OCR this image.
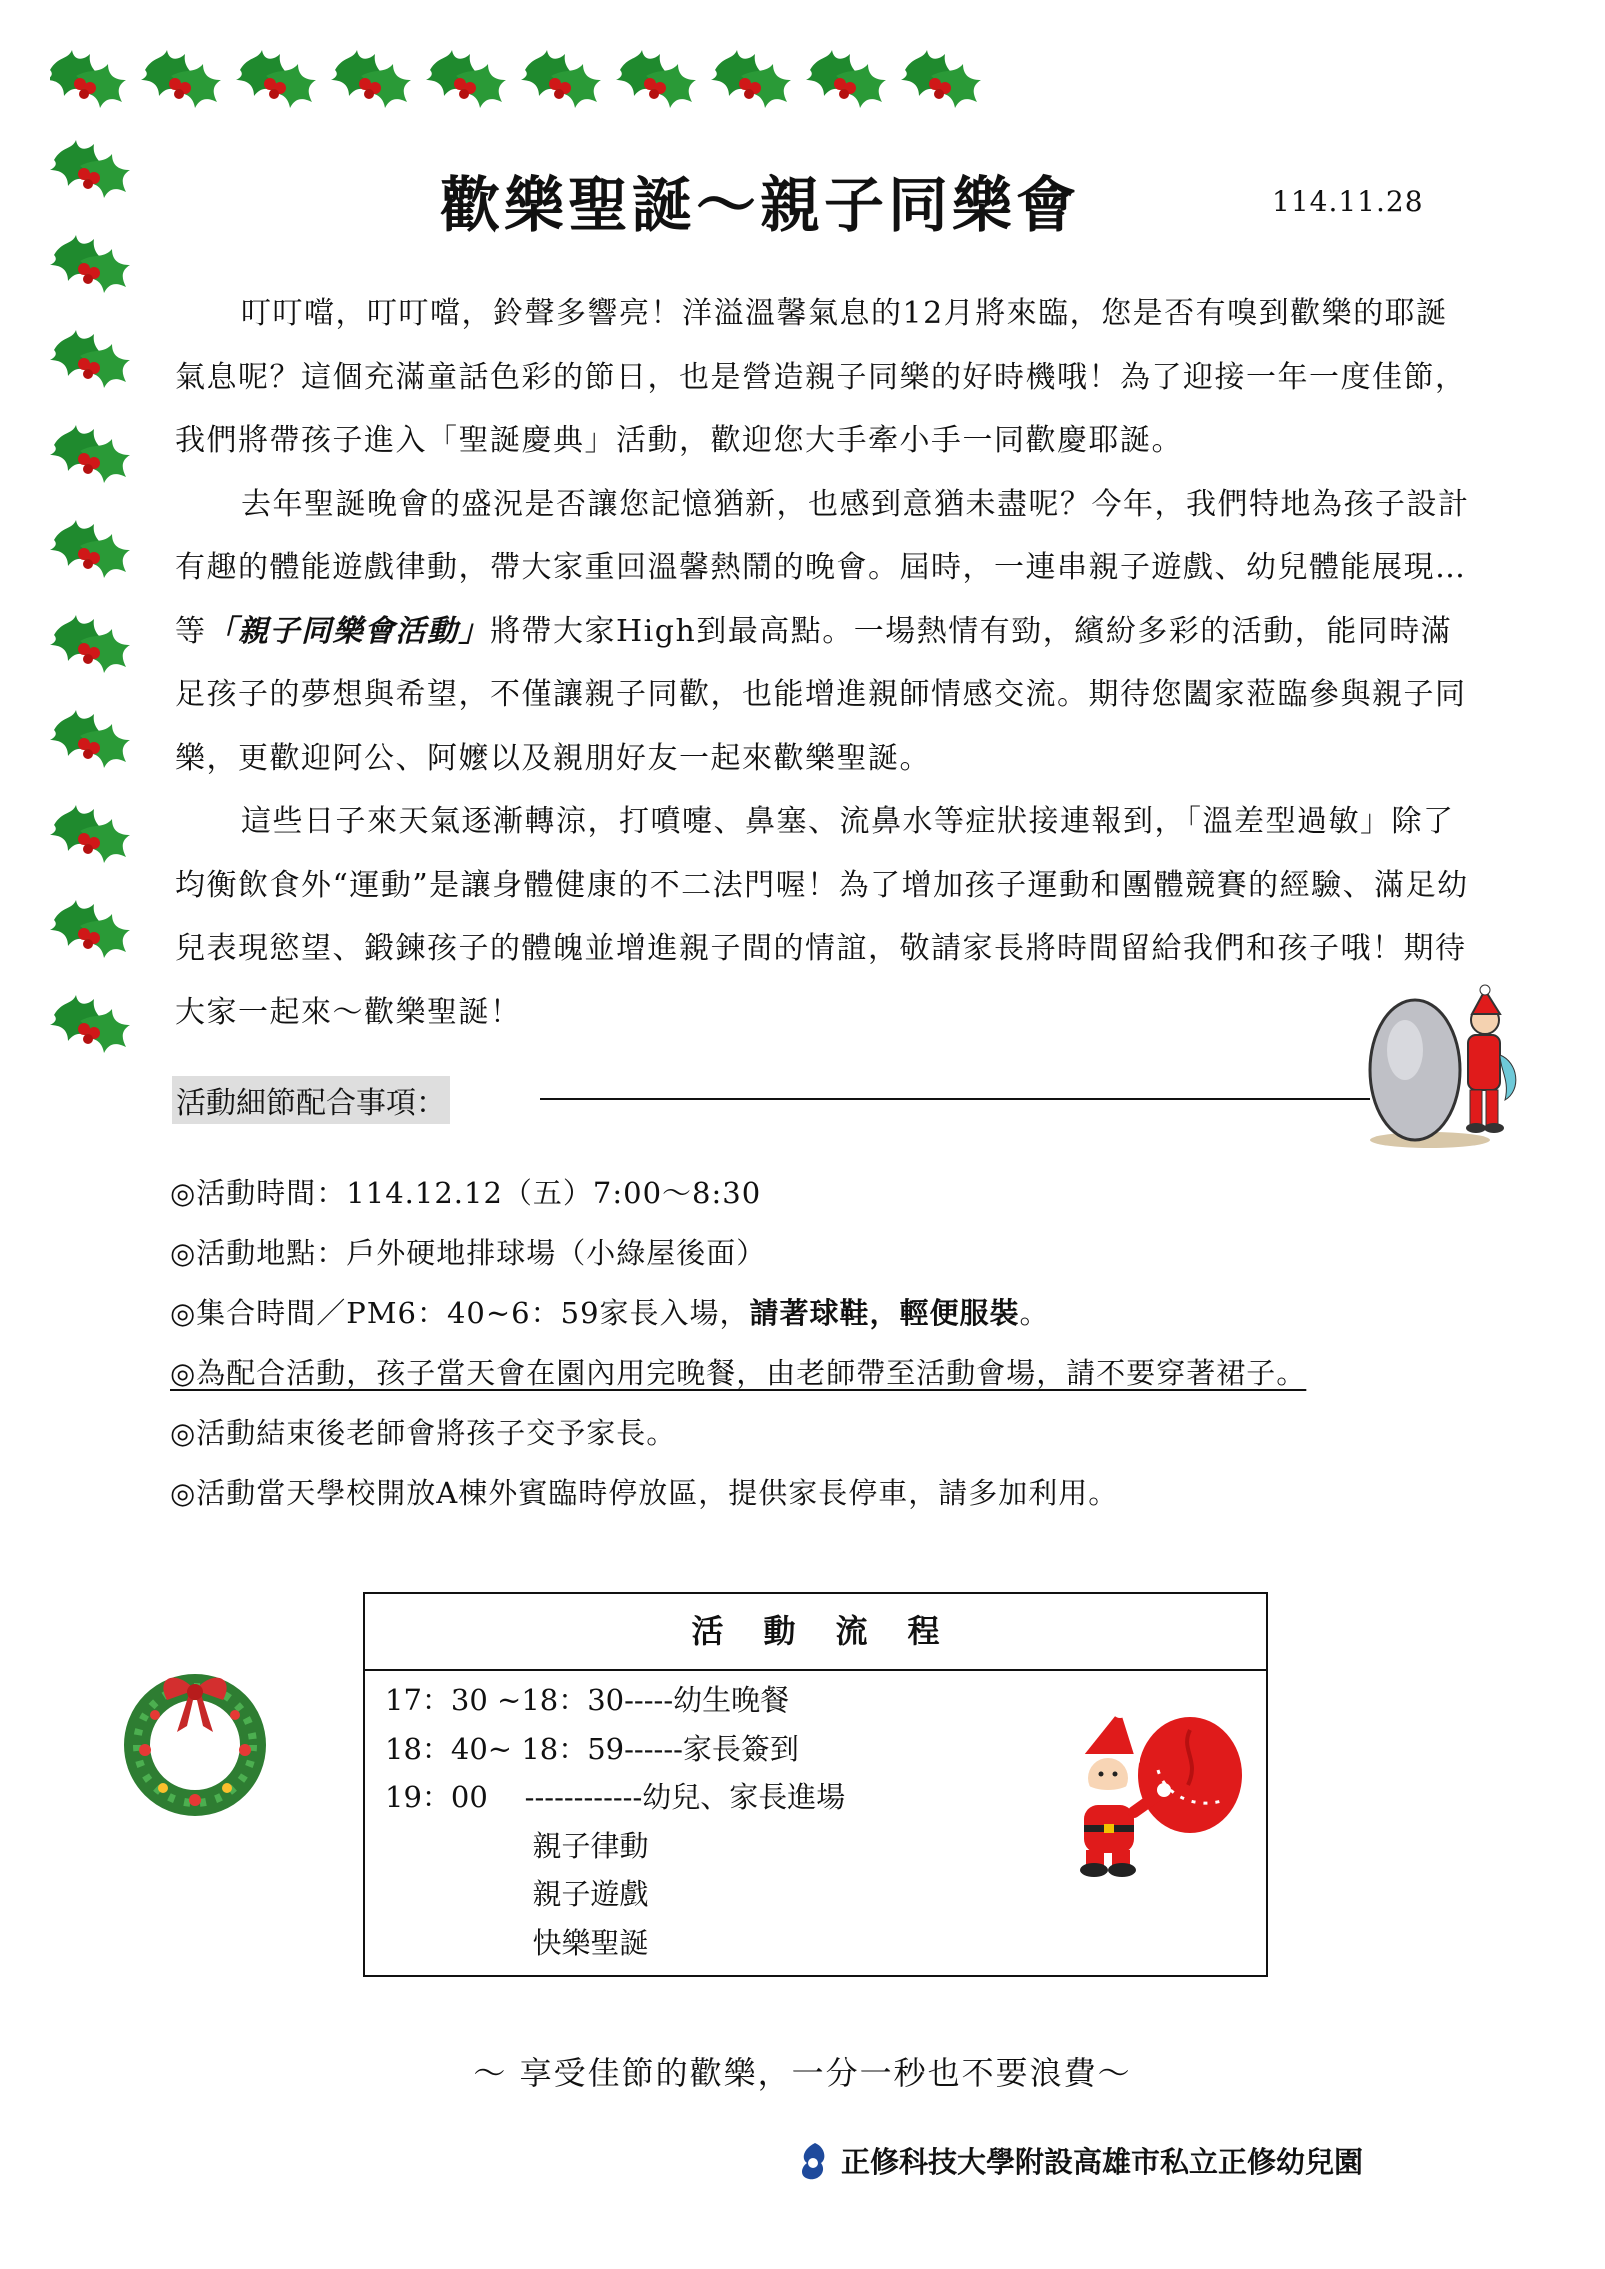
歡樂聖誕～親子同樂會	114.11.28

叮叮噹，叮叮噹，鈴聲多響亮！洋溢溫馨氣息的12月將來臨，您是否有嗅到歡樂的耶誕氣息呢？這個充滿童話色彩的節日，也是營造親子同樂的好時機哦！為了迎接一年一度佳節，我們將帶孩子進入「聖誕慶典」活動，歡迎您大手牽小手一同歡慶耶誕。

去年聖誕晚會的盛況是否讓您記憶猶新，也感到意猶未盡呢？今年，我們特地為孩子設計有趣的體能遊戲律動，帶大家重回溫馨熱鬧的晚會。屆時，一連串親子遊戲、幼兒體能展現…等「親子同樂會活動」將帶大家High到最高點。一場熱情有勁，繽紛多彩的活動，能同時滿足孩子的夢想與希望，不僅讓親子同歡，也能增進親師情感交流。期待您闔家蒞臨參與親子同樂，更歡迎阿公、阿嬤以及親朋好友一起來歡樂聖誕。

這些日子來天氣逐漸轉涼，打噴嚏、鼻塞、流鼻水等症狀接連報到，「溫差型過敏」除了均衡飲食外“運動”是讓身體健康的不二法門喔！為了增加孩子運動和團體競賽的經驗、滿足幼兒表現慾望、鍛鍊孩子的體魄並增進親子間的情誼，敬請家長將時間留給我們和孩子哦！期待大家一起來～歡樂聖誕！

活動細節配合事項：
◎活動時間：114.12.12（五）7:00～8:30
◎活動地點：戶外硬地排球場（小綠屋後面）
◎集合時間／PM6：40~6：59家長入場，請著球鞋，輕便服裝。
◎為配合活動，孩子當天會在園內用完晚餐，由老師帶至活動會場，請不要穿著裙子。
◎活動結束後老師會將孩子交予家長。
◎活動當天學校開放A棟外賓臨時停放區，提供家長停車，請多加利用。
活動流程
17：30 ~18：30-----幼生晚餐
18：40~ 18：59------家長簽到
19：00    ------------幼兒、家長進場
親子律動
親子遊戲
快樂聖誕
～ 享受佳節的歡樂，一分一秒也不要浪費～
正修科技大學附設高雄市私立正修幼兒園
